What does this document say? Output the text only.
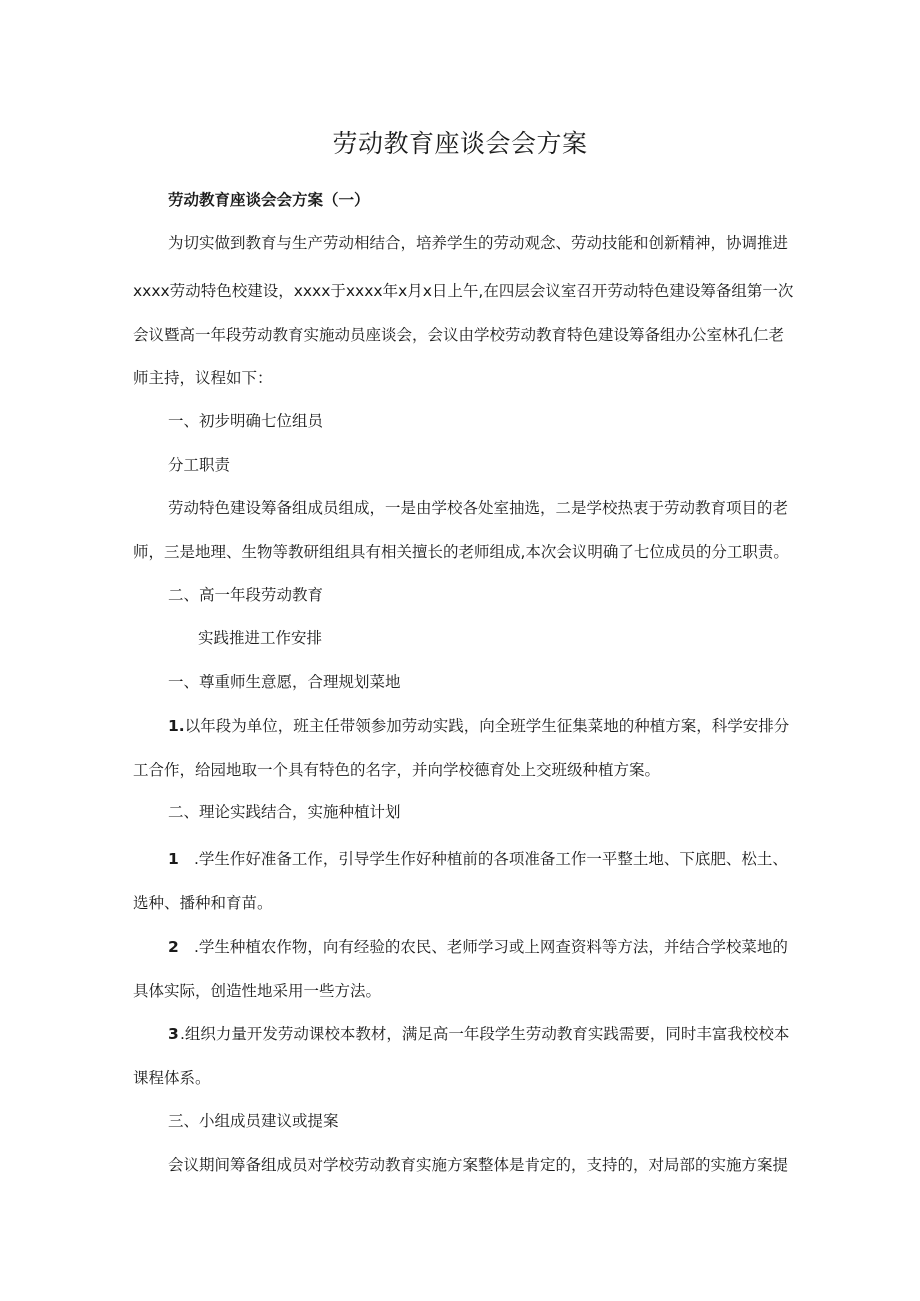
劳动教育座谈会会方案
劳动教育座谈会会方案（一）
为切实做到教育与生产劳动相结合，培养学生的劳动观念、劳动技能和创新精神，协调推进
xxxx劳动特色校建设，xxxx于xxxx年x月x日上午,在四层会议室召开劳动特色建设筹备组第一次
会议暨高一年段劳动教育实施动员座谈会，会议由学校劳动教育特色建设筹备组办公室林孔仁老
师主持，议程如下：
一、初步明确七位组员
分工职责
劳动特色建设筹备组成员组成，一是由学校各处室抽选，二是学校热衷于劳动教育项目的老
师，三是地理、生物等教研组组具有相关擅长的老师组成,本次会议明确了七位成员的分工职责。
二、高一年段劳动教育
实践推进工作安排
一、尊重师生意愿，合理规划菜地
1.以年段为单位，班主任带领参加劳动实践，向全班学生征集菜地的种植方案，科学安排分
工合作，给园地取一个具有特色的名字，并向学校德育处上交班级种植方案。
二、理论实践结合，实施种植计划
1 .学生作好准备工作，引导学生作好种植前的各项准备工作一平整土地、下底肥、松土、
选种、播种和育苗。
2 .学生种植农作物，向有经验的农民、老师学习或上网查资料等方法，并结合学校菜地的
具体实际，创造性地采用一些方法。
3.组织力量开发劳动课校本教材，满足高一年段学生劳动教育实践需要，同时丰富我校校本
课程体系。
三、小组成员建议或提案
会议期间筹备组成员对学校劳动教育实施方案整体是肯定的，支持的，对局部的实施方案提
